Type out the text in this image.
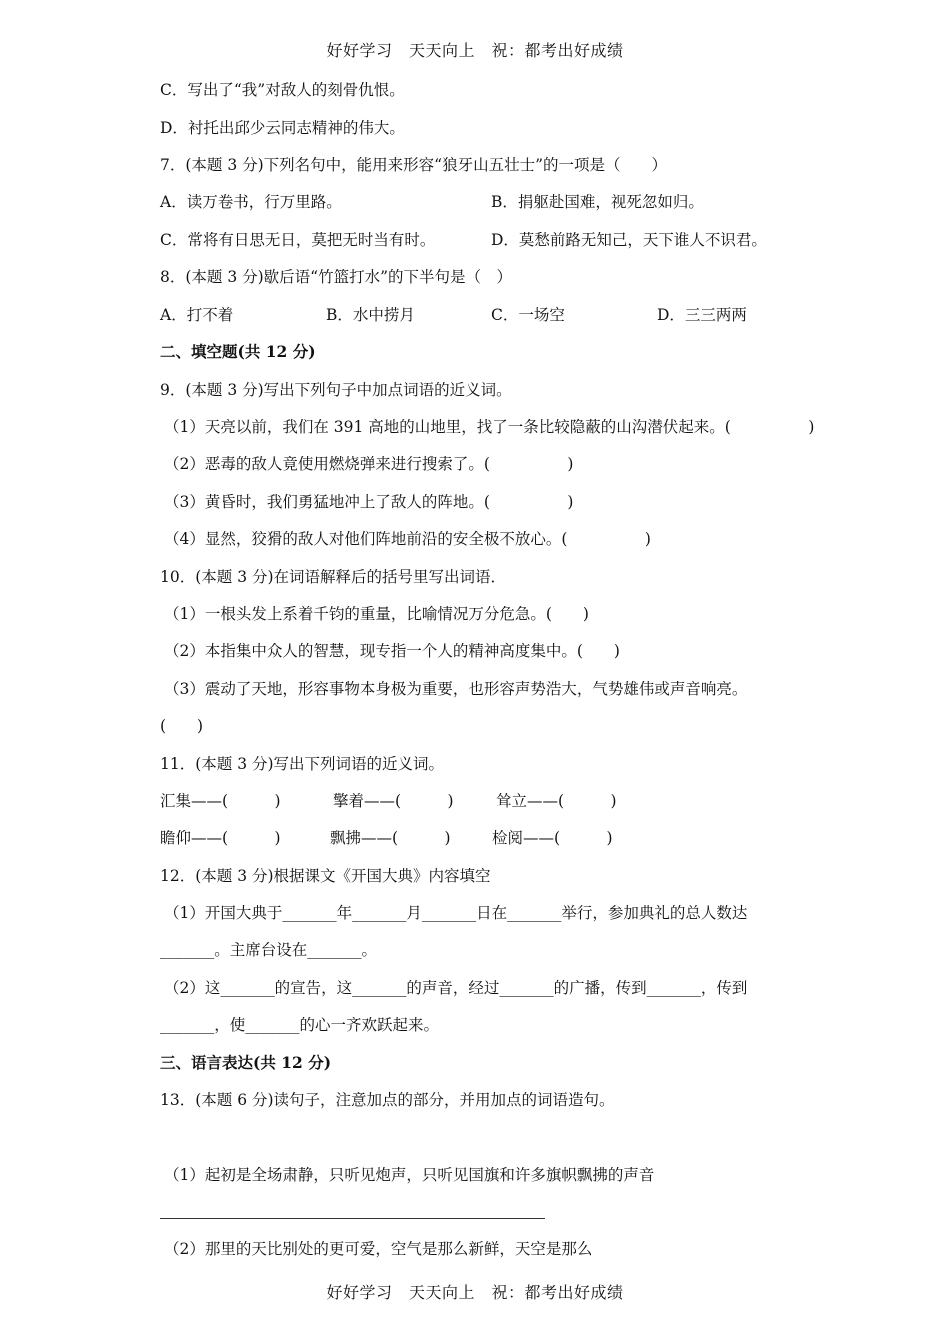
好好学习　天天向上　祝：都考出好成绩
C．写出了“我”对敌人的刻骨仇恨。
D．衬托出邱少云同志精神的伟大。
7．(本题 3 分)下列名句中，能用来形容“狼牙山五壮士”的一项是（　　）
A．读万卷书，行万里路。	B．捐躯赴国难，视死忽如归。
C．常将有日思无日，莫把无时当有时。	D．莫愁前路无知己，天下谁人不识君。
8．(本题 3 分)歇后语“竹篮打水”的下半句是（　）
A．打不着	B．水中捞月	C．一场空	D．三三两两
二、填空题(共 12 分)
9．(本题 3 分)写出下列句子中加点词语的近义词。
（1）天亮以前，我们在 391 高地的山地里，找了一条比较隐蔽的山沟潜伏起来。(　　　　　)
（2）恶毒的敌人竟使用燃烧弹来进行搜索了。(　　　　　)
（3）黄昏时，我们勇猛地冲上了敌人的阵地。(　　　　　)
（4）显然，狡猾的敌人对他们阵地前沿的安全极不放心。(　　　　　)
10．(本题 3 分)在词语解释后的括号里写出词语．
（1）一根头发上系着千钧的重量，比喻情况万分危急。(　　)
（2）本指集中众人的智慧，现专指一个人的精神高度集中。(　　)
（3）震动了天地，形容事物本身极为重要，也形容声势浩大，气势雄伟或声音响亮。
(　　)
11．(本题 3 分)写出下列词语的近义词。
汇集——(　　　)	擎着——(　　　)	耸立——(　　　)
瞻仰——(　　　)	飘拂——(　　　)	检阅——(　　　)
12．(本题 3 分)根据课文《开国大典》内容填空
（1）开国大典于_______年_______月_______日在_______举行，参加典礼的总人数达
_______。主席台设在_______。
（2）这_______的宣告，这_______的声音，经过_______的广播，传到_______，传到
_______，使_______的心一齐欢跃起来。
三、语言表达(共 12 分)
13．(本题 6 分)读句子，注意加点的部分，并用加点的词语造句。
（1）起初是全场肃静，只听见炮声，只听见国旗和许多旗帜飘拂的声音
（2）那里的天比别处的更可爱，空气是那么新鲜，天空是那么
好好学习　天天向上　祝：都考出好成绩
